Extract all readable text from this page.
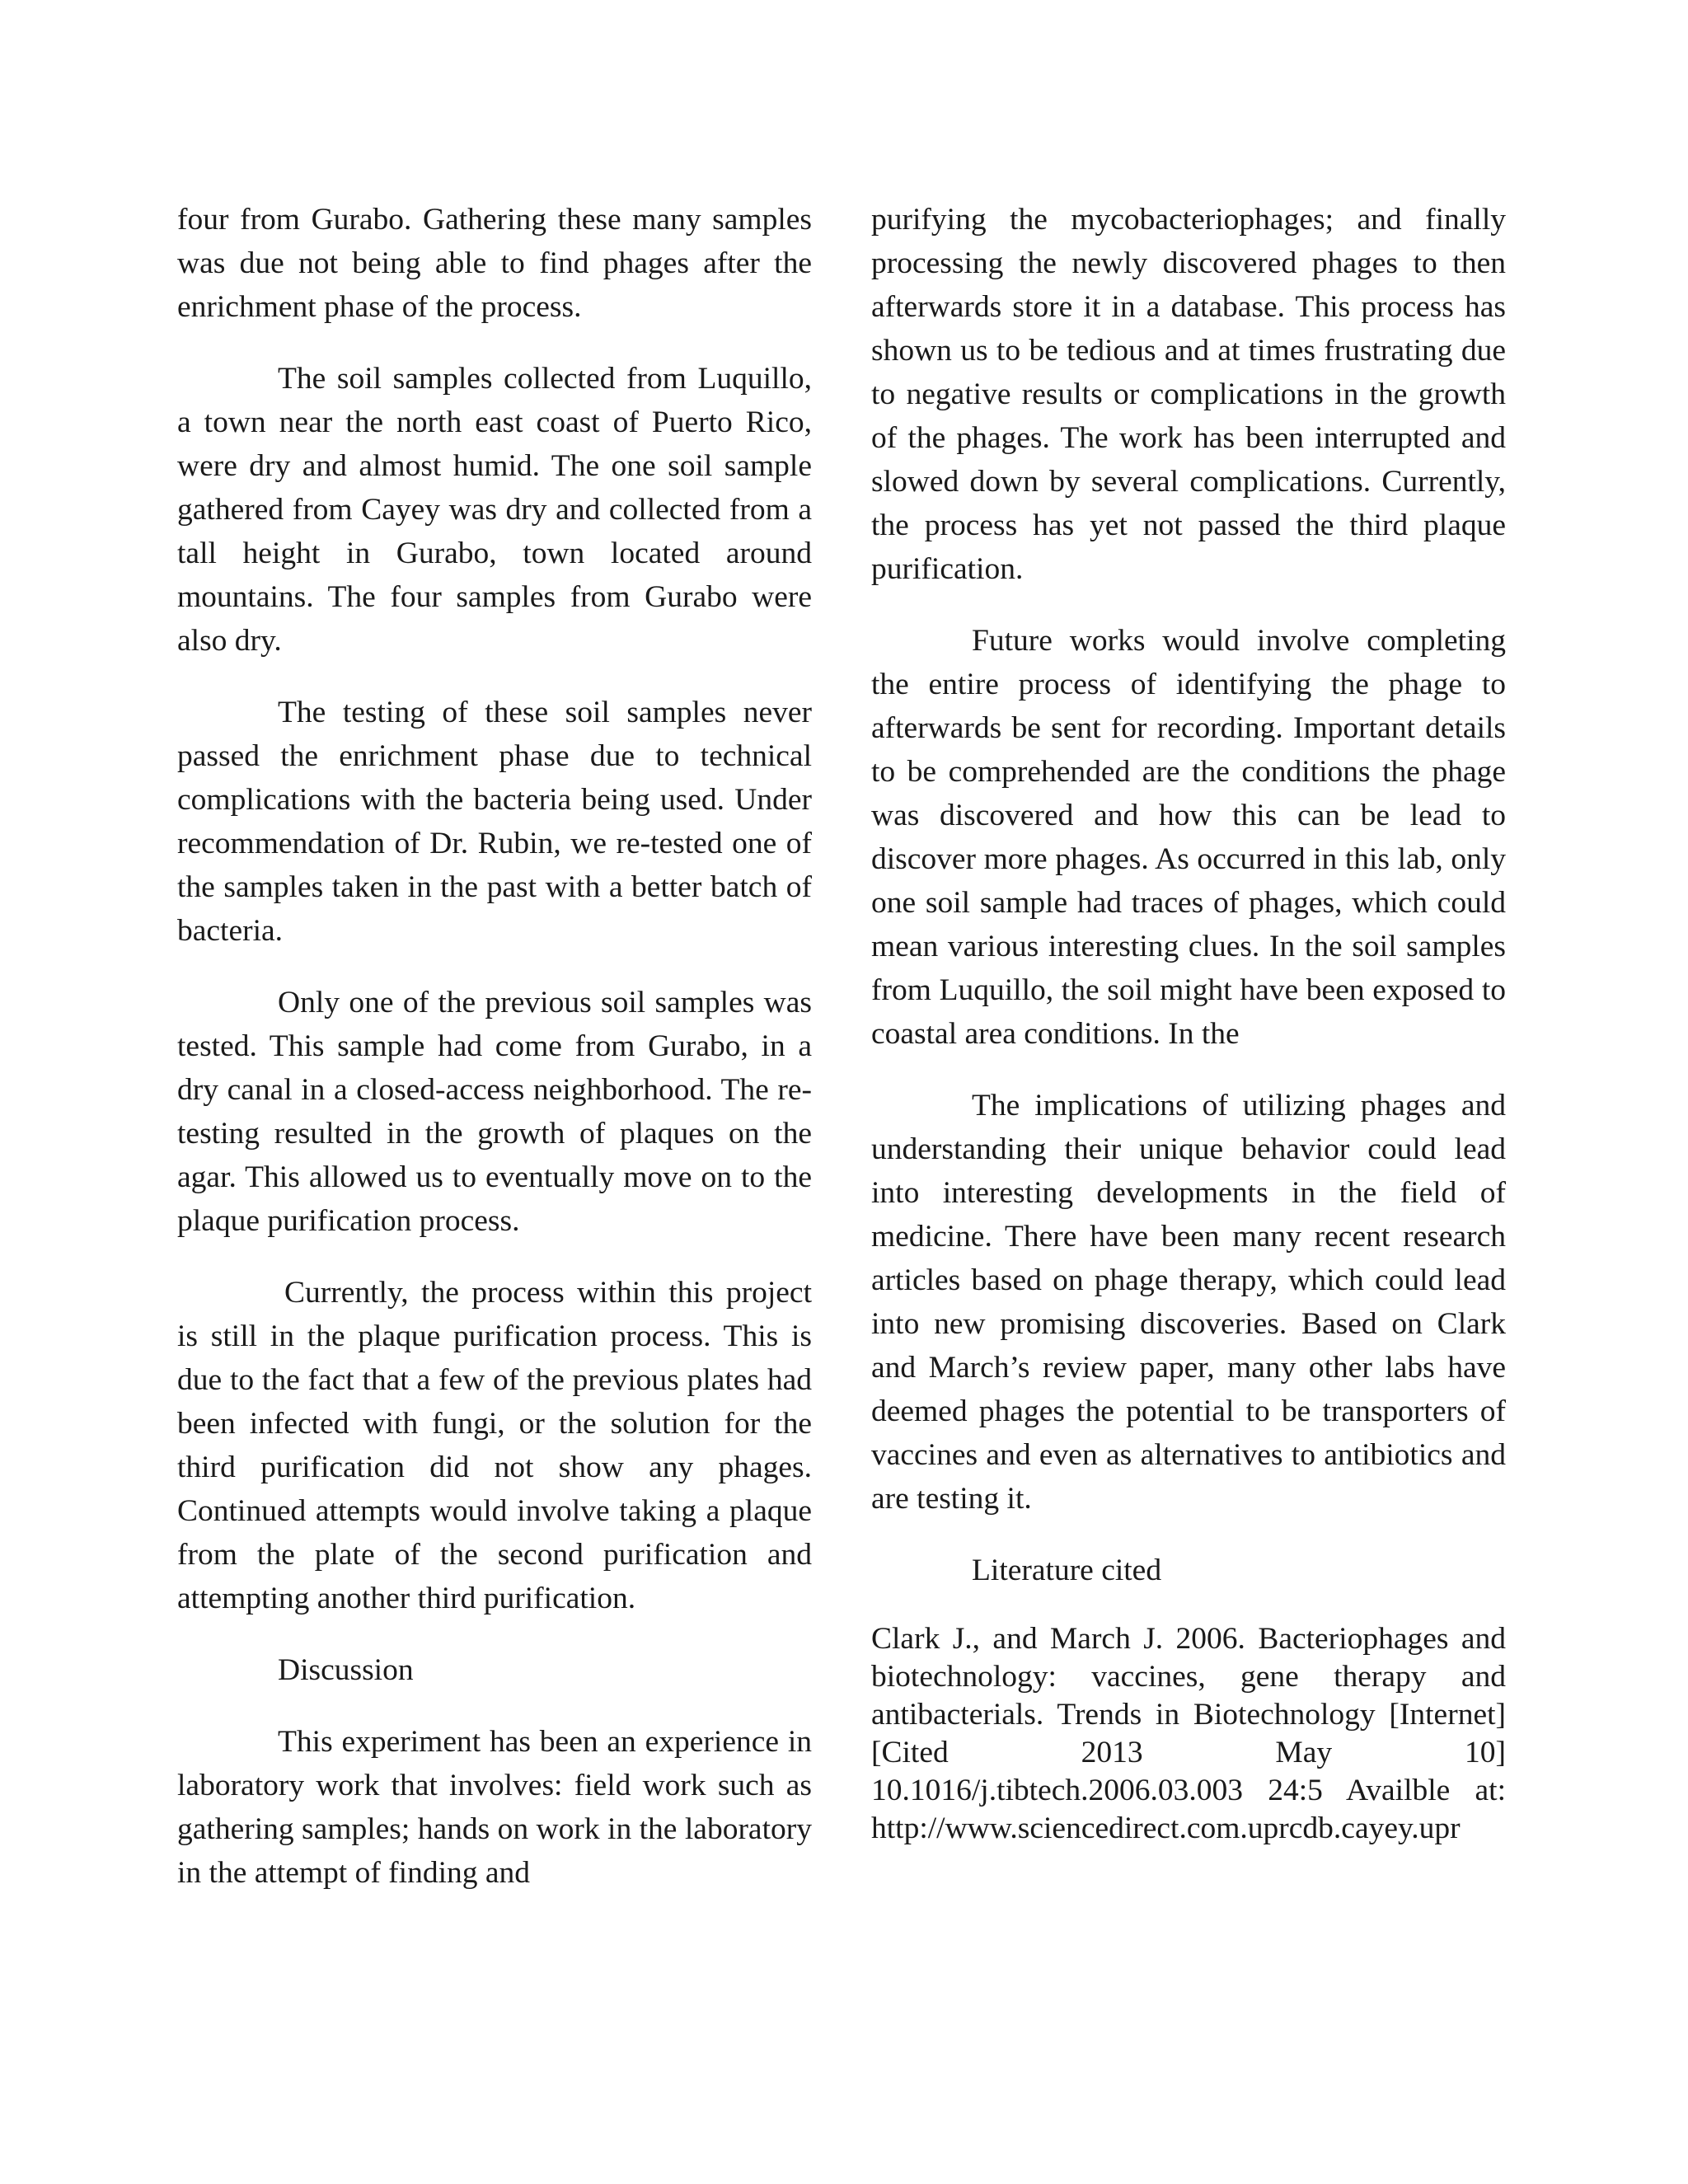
four from Gurabo. Gathering these many samples was due not being able to find phages after the enrichment phase of the process.

The soil samples collected from Luquillo, a town near the north east coast of Puerto Rico, were dry and almost humid. The one soil sample gathered from Cayey was dry and collected from a tall height in Gurabo, town located around mountains. The four samples from Gurabo were also dry.

The testing of these soil samples never passed the enrichment phase due to technical complications with the bacteria being used. Under recommendation of Dr. Rubin, we re-tested one of the samples taken in the past with a better batch of bacteria.

Only one of the previous soil samples was tested. This sample had come from Gurabo, in a dry canal in a closed-access neighborhood. The re-testing resulted in the growth of plaques on the agar. This allowed us to eventually move on to the plaque purification process.

Currently, the process within this project is still in the plaque purification process. This is due to the fact that a few of the previous plates had been infected with fungi, or the solution for the third purification did not show any phages. Continued attempts would involve taking a plaque from the plate of the second purification and attempting another third purification.

Discussion

This experiment has been an experience in laboratory work that involves: field work such as gathering samples; hands on work in the laboratory in the attempt of finding and

purifying the mycobacteriophages; and finally processing the newly discovered phages to then afterwards store it in a database. This process has shown us to be tedious and at times frustrating due to negative results or complications in the growth of the phages. The work has been interrupted and slowed down by several complications. Currently, the process has yet not passed the third plaque purification.

Future works would involve completing the entire process of identifying the phage to afterwards be sent for recording. Important details to be comprehended are the conditions the phage was discovered and how this can be lead to discover more phages. As occurred in this lab, only one soil sample had traces of phages, which could mean various interesting clues. In the soil samples from Luquillo, the soil might have been exposed to coastal area conditions. In the

The implications of utilizing phages and understanding their unique behavior could lead into interesting developments in the field of medicine. There have been many recent research articles based on phage therapy, which could lead into new promising discoveries. Based on Clark and March’s review paper, many other labs have deemed phages the potential to be transporters of vaccines and even as alternatives to antibiotics and are testing it.

Literature cited

Clark J., and March J. 2006. Bacteriophages and biotechnology: vaccines, gene therapy and antibacterials. Trends in Biotechnology [Internet] [Cited 2013 May 10] 10.1016/j.tibtech.2006.03.003 24:5 Availble at: http://www.sciencedirect.com.uprcdb.cayey.upr
